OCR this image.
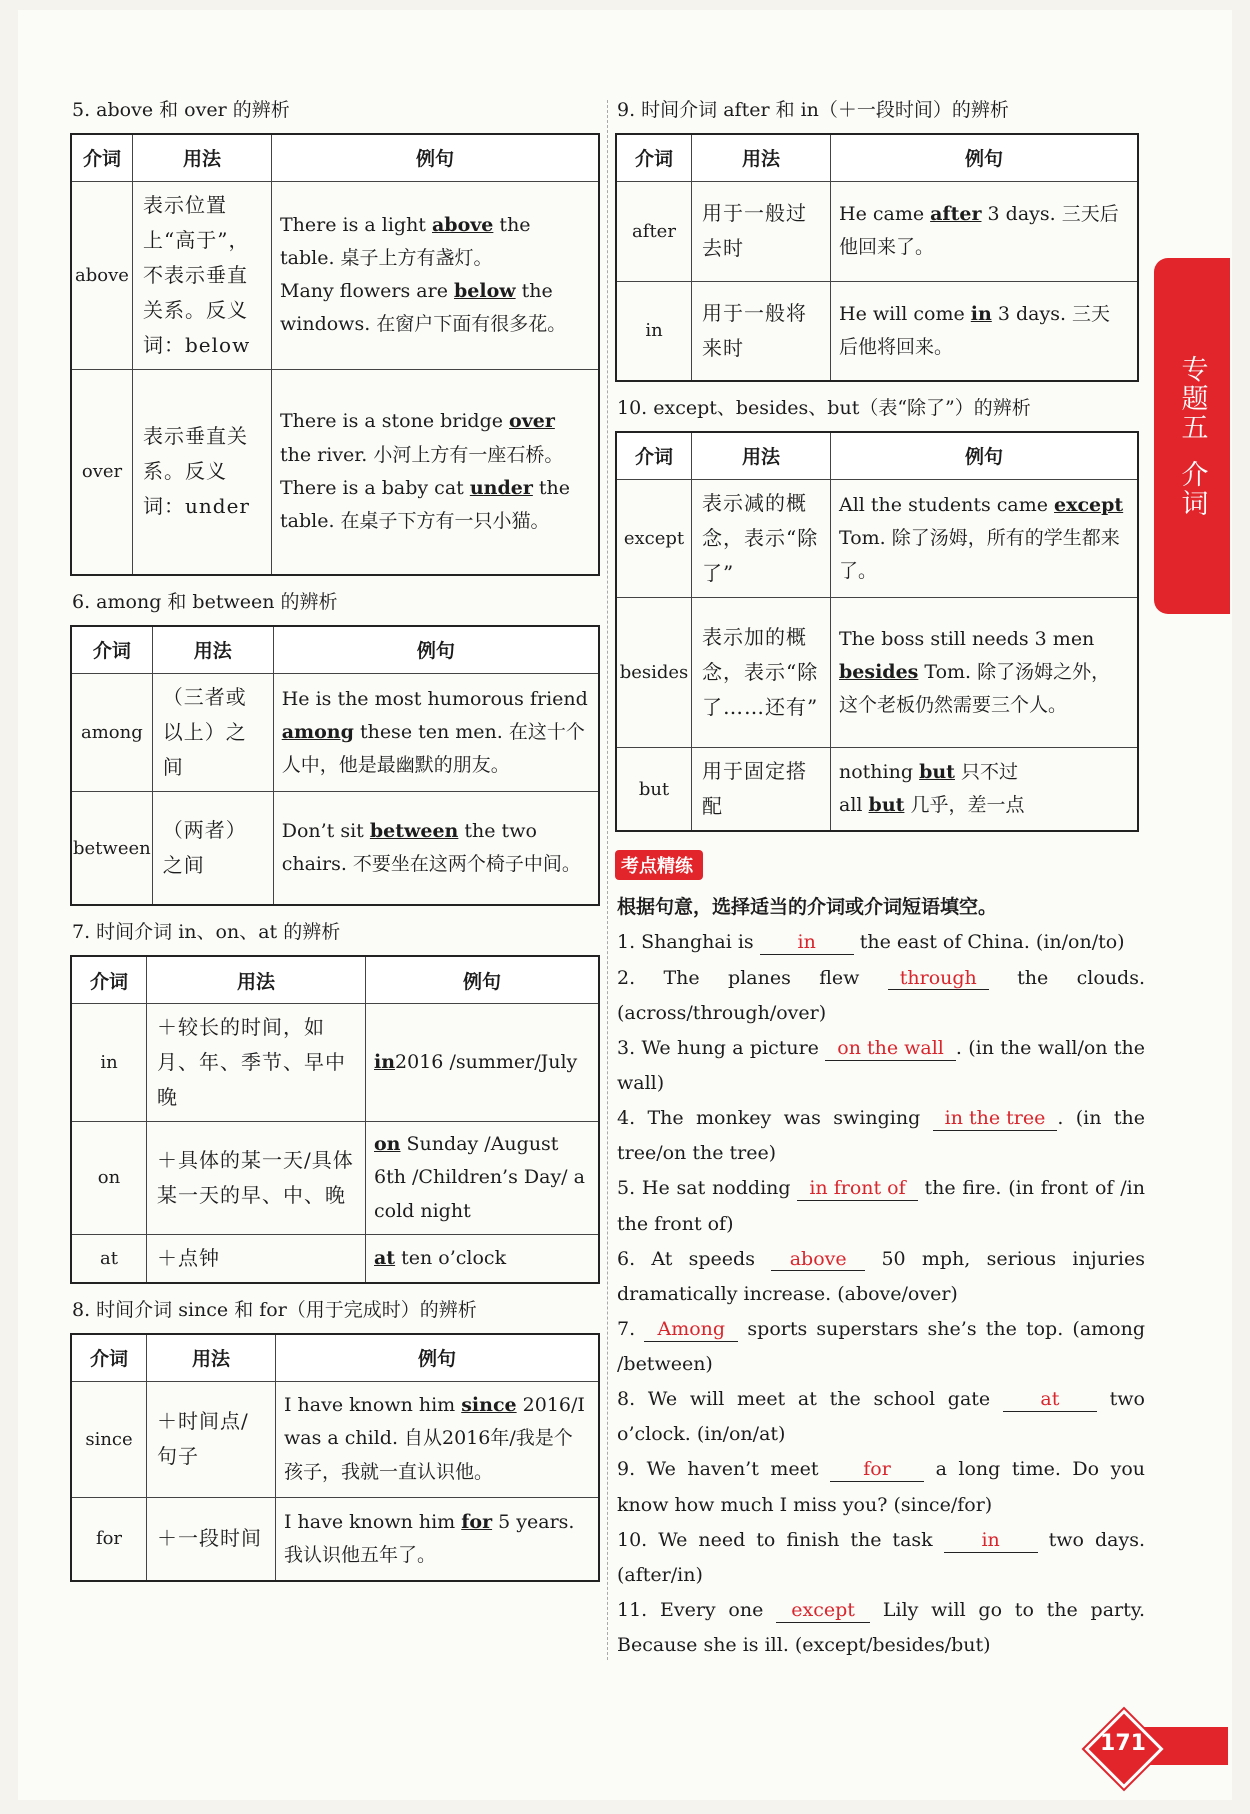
专题五
介词
5. above 和 over 的辨析
介词	用法	例句
above	表示位置上“高于”，不表示垂直关系。反义词：below	There is a light above the table. 桌子上方有盏灯。
Many flowers are below the windows. 在窗户下面有很多花。
over	表示垂直关系。反义词：under	There is a stone bridge over the river. 小河上方有一座石桥。
There is a baby cat under the table. 在桌子下方有一只小猫。
6. among 和 between 的辨析
介词	用法	例句
among	（三者或以上）之间	He is the most humorous friend among these ten men. 在这十个人中，他是最幽默的朋友。
between	（两者）之间	Don’t sit between the two chairs. 不要坐在这两个椅子中间。
7. 时间介词 in、on、at 的辨析
介词	用法	例句
in	＋较长的时间，如月、年、季节、早中晚	in2016 /summer/July
on	＋具体的某一天/具体某一天的早、中、晚	on Sunday /August 6th /Children’s Day/ a cold night
at	＋点钟	at ten o’clock
8. 时间介词 since 和 for（用于完成时）的辨析
介词	用法	例句
since	＋时间点/句子	I have known him since 2016/I was a child. 自从2016年/我是个孩子，我就一直认识他。
for	＋一段时间	I have known him for 5 years. 我认识他五年了。
9. 时间介词 after 和 in（＋一段时间）的辨析
介词	用法	例句
after	用于一般过去时	He came after 3 days. 三天后他回来了。
in	用于一般将来时	He will come in 3 days. 三天后他将回来。
10. except、besides、but（表“除了”）的辨析
介词	用法	例句
except	表示减的概念，表示“除了”	All the students came except Tom. 除了汤姆，所有的学生都来了。
besides	表示加的概念，表示“除了……还有”	The boss still needs 3 men besides Tom. 除了汤姆之外，这个老板仍然需要三个人。
but	用于固定搭配	nothing but 只不过
all but 几乎，差一点
考点精练
根据句意，选择适当的介词或介词短语填空。
1. Shanghai is in the east of China. (in/on/to)
2. The planes flew through the clouds. (across/through/over)
3. We hung a picture on the wall . (in the wall/on the wall)
4. The monkey was swinging in the tree . (in the tree/on the tree)
5. He sat nodding in front of the fire. (in front of /in the front of)
6. At speeds above 50 mph, serious injuries dramatically increase. (above/over)
7. Among sports superstars she’s the top. (among /between)
8. We will meet at the school gate at two o’clock. (in/on/at)
9. We haven’t meet for a long time. Do you know how much I miss you? (since/for)
10. We need to finish the task in two days. (after/in)
11. Every one except Lily will go to the party. Because she is ill. (except/besides/but)
171
